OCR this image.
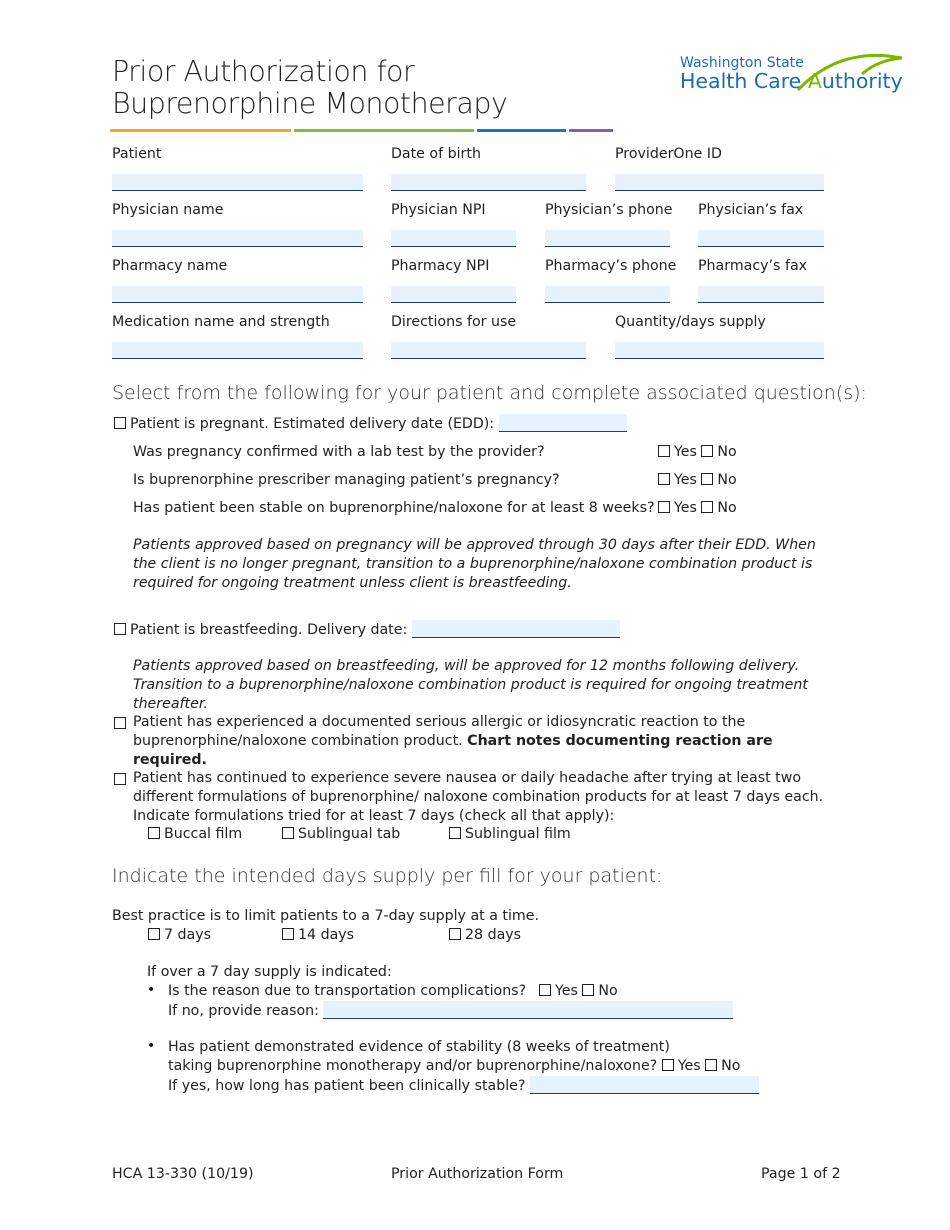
Prior Authorization for
Buprenorphine Monotherapy
Washington State
Health Care Authority
Patient	Date of birth	ProviderOne ID
Physician name	Physician NPI	Physician’s phone Physician’s fax
Pharmacy name	Pharmacy NPI	Pharmacy’s phone Pharmacy’s fax
Medication name and strength	Directions for use	Quantity/days supply
Select from the following for your patient and complete associated question(s):
Patient is pregnant. Estimated delivery date (EDD):
Was pregnancy confirmed with a lab test by the provider?	Yes No
Is buprenorphine prescriber managing patient’s pregnancy?	Yes No
Has patient been stable on buprenorphine/naloxone for at least 8 weeks?	Yes No
Patients approved based on pregnancy will be approved through 30 days after their EDD. When the client is no longer pregnant, transition to a buprenorphine/naloxone combination product is required for ongoing treatment unless client is breastfeeding.
Patient is breastfeeding. Delivery date:
Patients approved based on breastfeeding, will be approved for 12 months following delivery. Transition to a buprenorphine/naloxone combination product is required for ongoing treatment thereafter.
Patient has experienced a documented serious allergic or idiosyncratic reaction to the buprenorphine/naloxone combination product. Chart notes documenting reaction are required.
Patient has continued to experience severe nausea or daily headache after trying at least two different formulations of buprenorphine/ naloxone combination products for at least 7 days each. Indicate formulations tried for at least 7 days (check all that apply):
Buccal film	Sublingual tab	Sublingual film
Indicate the intended days supply per fill for your patient:
Best practice is to limit patients to a 7-day supply at a time.
7 days	14 days	28 days
If over a 7 day supply is indicated:
• Is the reason due to transportation complications?	Yes No
If no, provide reason:
• Has patient demonstrated evidence of stability (8 weeks of treatment)
taking buprenorphine monotherapy and/or buprenorphine/naloxone? Yes No
If yes, how long has patient been clinically stable?
HCA 13-330 (10/19)	Prior Authorization Form	Page 1 of 2
